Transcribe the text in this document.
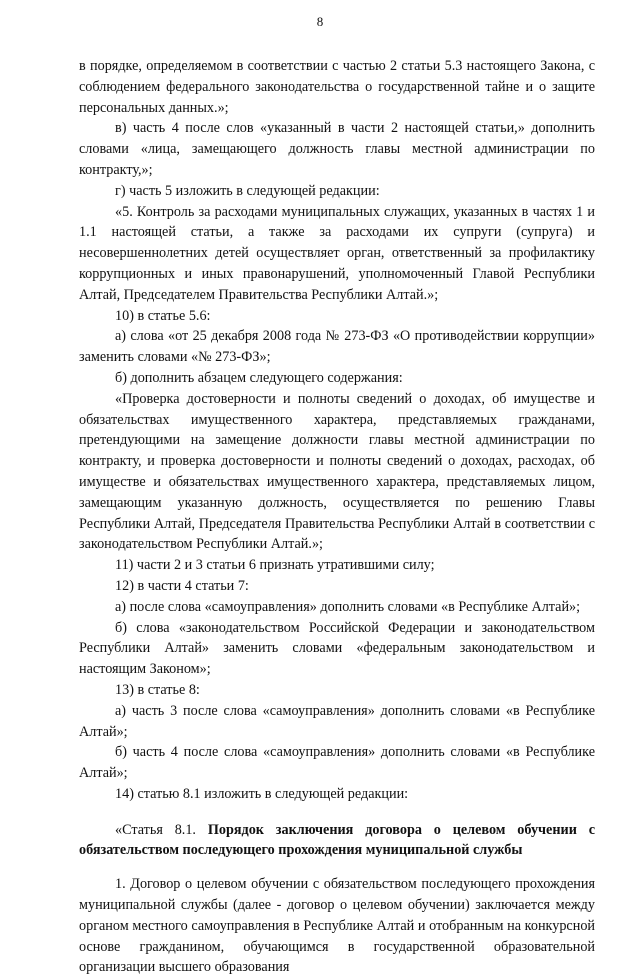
8

в порядке, определяемом в соответствии с частью 2 статьи 5.3 настоящего Закона, с соблюдением федерального законодательства о государственной тайне и о защите персональных данных.»;

в) часть 4 после слов «указанный в части 2 настоящей статьи,» дополнить словами «лица, замещающего должность главы местной администрации по контракту,»;

г) часть 5 изложить в следующей редакции:

«5. Контроль за расходами муниципальных служащих, указанных в частях 1 и 1.1 настоящей статьи, а также за расходами их супруги (супруга) и несовершеннолетних детей осуществляет орган, ответственный за профилактику коррупционных и иных правонарушений, уполномоченный Главой Республики Алтай, Председателем Правительства Республики Алтай.»;

10) в статье 5.6:

а) слова «от 25 декабря 2008 года № 273-ФЗ «О противодействии коррупции» заменить словами «№ 273-ФЗ»;

б) дополнить абзацем следующего содержания:

«Проверка достоверности и полноты сведений о доходах, об имуществе и обязательствах имущественного характера, представляемых гражданами, претендующими на замещение должности главы местной администрации по контракту, и проверка достоверности и полноты сведений о доходах, расходах, об имуществе и обязательствах имущественного характера, представляемых лицом, замещающим указанную должность, осуществляется по решению Главы Республики Алтай, Председателя Правительства Республики Алтай в соответствии с законодательством Республики Алтай.»;

11) части 2 и 3 статьи 6 признать утратившими силу;

12) в части 4 статьи 7:

а) после слова «самоуправления» дополнить словами «в Республике Алтай»;

б) слова «законодательством Российской Федерации и законодательством Республики Алтай» заменить словами «федеральным законодательством и настоящим Законом»;

13) в статье 8:

а) часть 3 после слова «самоуправления» дополнить словами «в Республике Алтай»;

б) часть 4 после слова «самоуправления» дополнить словами «в Республике Алтай»;

14) статью 8.1 изложить в следующей редакции:

«Статья 8.1. Порядок заключения договора о целевом обучении с обязательством последующего прохождения муниципальной службы

1. Договор о целевом обучении с обязательством последующего прохождения муниципальной службы (далее - договор о целевом обучении) заключается между органом местного самоуправления в Республике Алтай и отобранным на конкурсной основе гражданином, обучающимся в государственной образовательной организации высшего образования
